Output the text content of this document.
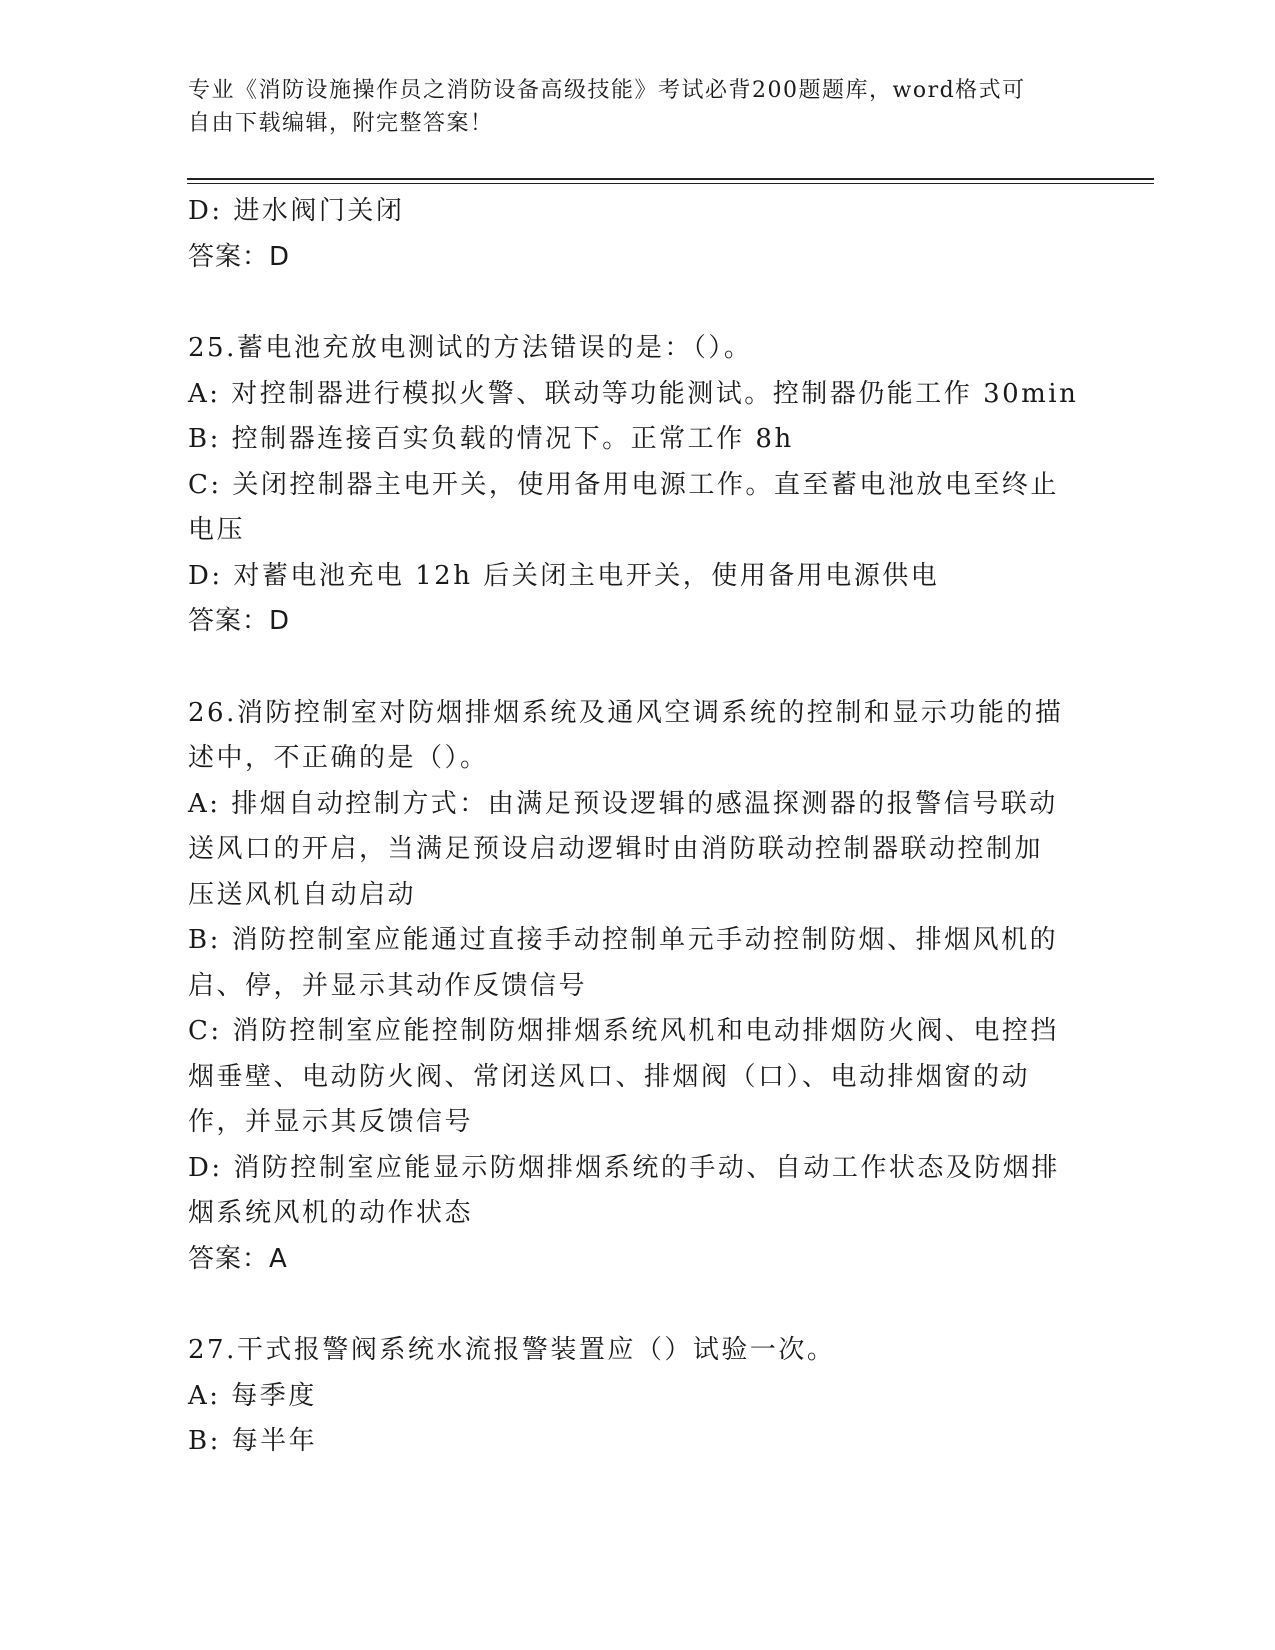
专业《消防设施操作员之消防设备高级技能》考试必背200题题库，word格式可
自由下载编辑，附完整答案！
D: 进水阀门关闭
答案：D
25.蓄电池充放电测试的方法错误的是：（）。
A: 对控制器进行模拟火警、联动等功能测试。控制器仍能工作 30min
B: 控制器连接百实负载的情况下。正常工作 8h
C: 关闭控制器主电开关，使用备用电源工作。直至蓄电池放电至终止
电压
D: 对蓄电池充电 12h 后关闭主电开关，使用备用电源供电
答案：D
26.消防控制室对防烟排烟系统及通风空调系统的控制和显示功能的描
述中，不正确的是（）。
A: 排烟自动控制方式：由满足预设逻辑的感温探测器的报警信号联动
送风口的开启，当满足预设启动逻辑时由消防联动控制器联动控制加
压送风机自动启动
B: 消防控制室应能通过直接手动控制单元手动控制防烟、排烟风机的
启、停，并显示其动作反馈信号
C: 消防控制室应能控制防烟排烟系统风机和电动排烟防火阀、电控挡
烟垂壁、电动防火阀、常闭送风口、排烟阀（口）、电动排烟窗的动
作，并显示其反馈信号
D: 消防控制室应能显示防烟排烟系统的手动、自动工作状态及防烟排
烟系统风机的动作状态
答案：A
27.干式报警阀系统水流报警装置应（）试验一次。
A: 每季度
B: 每半年
